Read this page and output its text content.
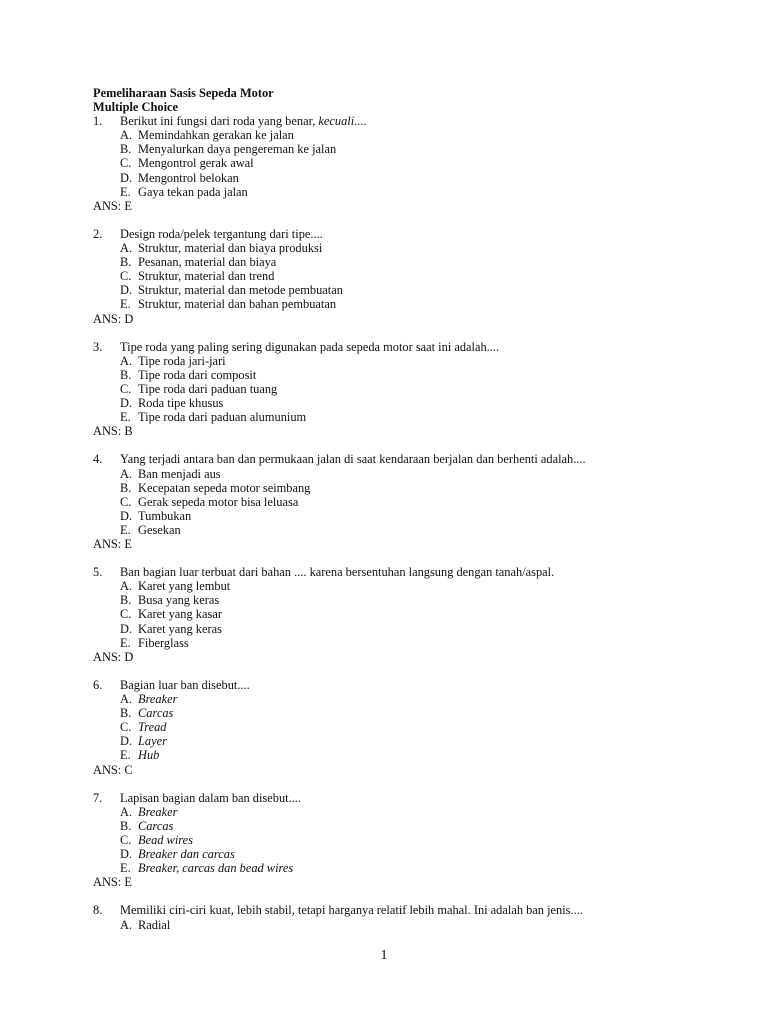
Pemeliharaan Sasis Sepeda Motor
Multiple Choice
1. Berikut ini fungsi dari roda yang benar, kecuali....
A. Memindahkan gerakan ke jalan
B. Menyalurkan daya pengereman ke jalan
C. Mengontrol gerak awal
D. Mengontrol belokan
E. Gaya tekan pada jalan
ANS: E
2. Design roda/pelek tergantung dari tipe....
A. Struktur, material dan biaya produksi
B. Pesanan, material dan biaya
C. Struktur, material dan trend
D. Struktur, material dan metode pembuatan
E. Struktur, material dan bahan pembuatan
ANS: D
3. Tipe roda yang paling sering digunakan pada sepeda motor saat ini adalah....
A. Tipe roda jari-jari
B. Tipe roda dari composit
C. Tipe roda dari paduan tuang
D. Roda tipe khusus
E. Tipe roda dari paduan alumunium
ANS: B
4. Yang terjadi antara ban dan permukaan jalan di saat kendaraan berjalan dan berhenti adalah....
A. Ban menjadi aus
B. Kecepatan sepeda motor seimbang
C. Gerak sepeda motor bisa leluasa
D. Tumbukan
E. Gesekan
ANS: E
5. Ban bagian luar terbuat dari bahan .... karena bersentuhan langsung dengan tanah/aspal.
A. Karet yang lembut
B. Busa yang keras
C. Karet yang kasar
D. Karet yang keras
E. Fiberglass
ANS: D
6. Bagian luar ban disebut....
A. Breaker
B. Carcas
C. Tread
D. Layer
E. Hub
ANS: C
7. Lapisan bagian dalam ban disebut....
A. Breaker
B. Carcas
C. Bead wires
D. Breaker dan carcas
E. Breaker, carcas dan bead wires
ANS: E
8. Memiliki ciri-ciri kuat, lebih stabil, tetapi harganya relatif lebih mahal. Ini adalah ban jenis....
A. Radial
1
